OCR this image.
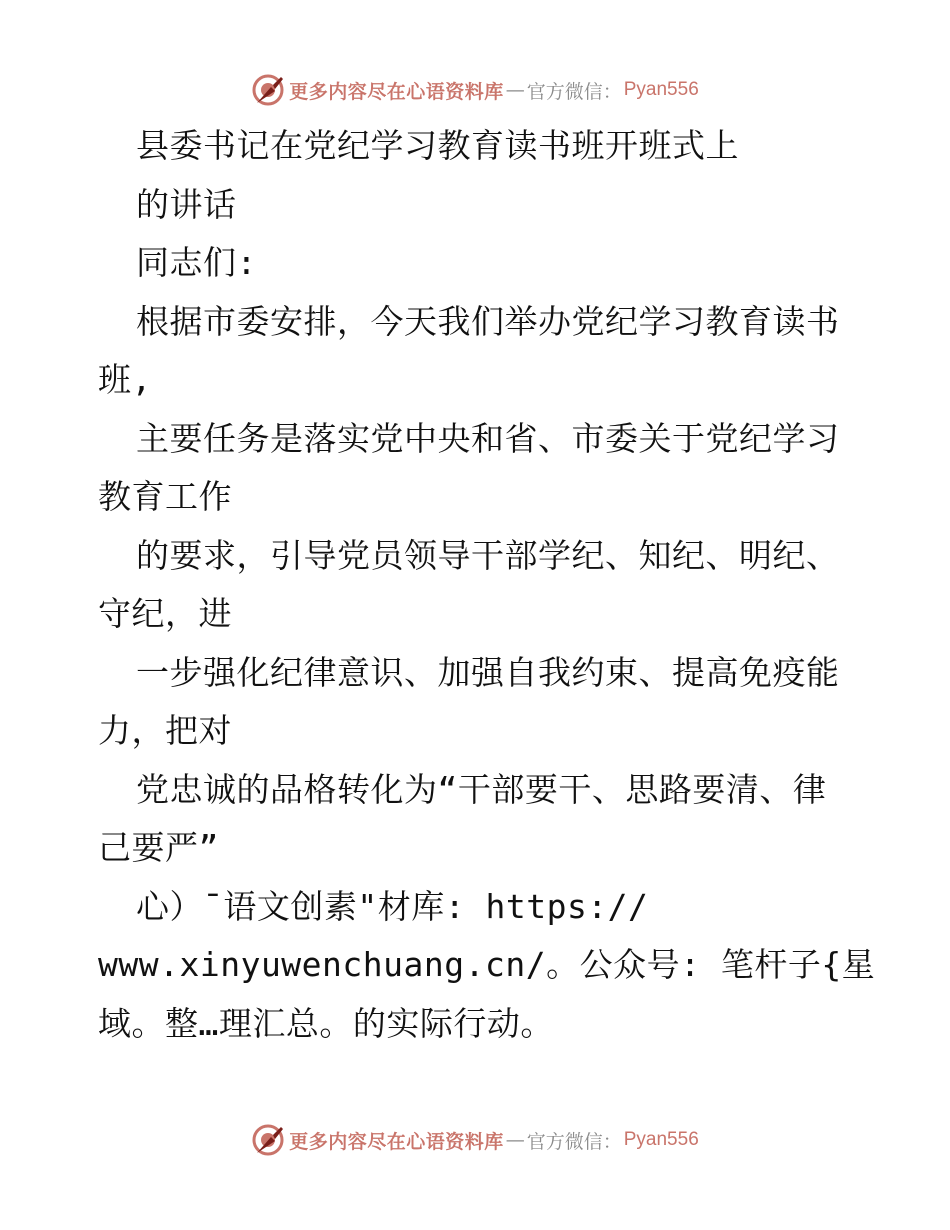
更多内容尽在心语资料库 — 官方微信： Pyan556
县委书记在党纪学习教育读书班开班式上
的讲话
同志们:
根据市委安排，今天我们举办党纪学习教育读书
班,
主要任务是落实党中央和省、市委关于党纪学习
教育工作
的要求，引导党员领导干部学纪、知纪、明纪、
守纪，进
一步强化纪律意识、加强自我约束、提高免疫能
力，把对
党忠诚的品格转化为“干部要干、思路要清、律
己要严”
心）¯语文创素"材库: https://
www.xinyuwenchuang.cn/。公众号: 笔杆子{星
域。整…理汇总。的实际行动。
更多内容尽在心语资料库 — 官方微信： Pyan556
